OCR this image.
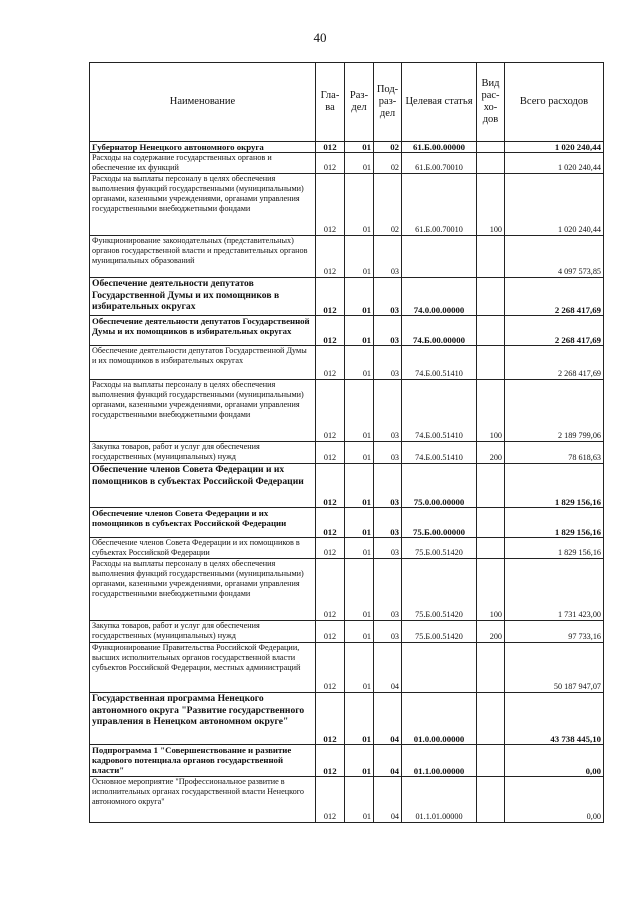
40
Наименование	Гла-ва	Раз-дел	Под-раз-дел	Целевая статья	Вид рас-хо-дов	Всего расходов
Губернатор Ненецкого автономного округа	012	01	02	61.Б.00.00000		1 020 240,44
Расходы на содержание государственных органов и обеспечение их функций	012	01	02	61.Б.00.70010		1 020 240,44
Расходы на выплаты персоналу в целях обеспечения выполнения функций государственными (муниципальными) органами, казенными учреждениями, органами управления государственными внебюджетными фондами	012	01	02	61.Б.00.70010	100	1 020 240,44
Функционирование законодательных (представительных) органов государственной власти и представительных органов муниципальных образований	012	01	03			4 097 573,85
Обеспечение деятельности депутатов Государственной Думы и их помощников в избирательных округах	012	01	03	74.0.00.00000		2 268 417,69
Обеспечение деятельности депутатов Государственной Думы и их помощников в избирательных округах	012	01	03	74.Б.00.00000		2 268 417,69
Обеспечение деятельности депутатов Государственной Думы и их помощников в избирательных округах	012	01	03	74.Б.00.51410		2 268 417,69
Расходы на выплаты персоналу в целях обеспечения выполнения функций государственными (муниципальными) органами, казенными учреждениями, органами управления государственными внебюджетными фондами	012	01	03	74.Б.00.51410	100	2 189 799,06
Закупка товаров, работ и услуг для обеспечения государственных (муниципальных) нужд	012	01	03	74.Б.00.51410	200	78 618,63
Обеспечение членов Совета Федерации и их помощников в субъектах Российской Федерации	012	01	03	75.0.00.00000		1 829 156,16
Обеспечение членов Совета Федерации и их помощников в субъектах Российской Федерации	012	01	03	75.Б.00.00000		1 829 156,16
Обеспечение членов Совета Федерации и их помощников в субъектах Российской Федерации	012	01	03	75.Б.00.51420		1 829 156,16
Расходы на выплаты персоналу в целях обеспечения выполнения функций государственными (муниципальными) органами, казенными учреждениями, органами управления государственными внебюджетными фондами	012	01	03	75.Б.00.51420	100	1 731 423,00
Закупка товаров, работ и услуг для обеспечения государственных (муниципальных) нужд	012	01	03	75.Б.00.51420	200	97 733,16
Функционирование Правительства Российской Федерации, высших исполнительных органов государственной власти субъектов Российской Федерации, местных администраций	012	01	04			50 187 947,07
Государственная программа Ненецкого автономного округа "Развитие государственного управления в Ненецком автономном округе"	012	01	04	01.0.00.00000		43 738 445,10
Подпрограмма 1 "Совершенствование и развитие кадрового потенциала органов государственной власти"	012	01	04	01.1.00.00000		0,00
Основное мероприятие "Профессиональное развитие в исполнительных органах государственной власти Ненецкого автономного округа"	012	01	04	01.1.01.00000		0,00
